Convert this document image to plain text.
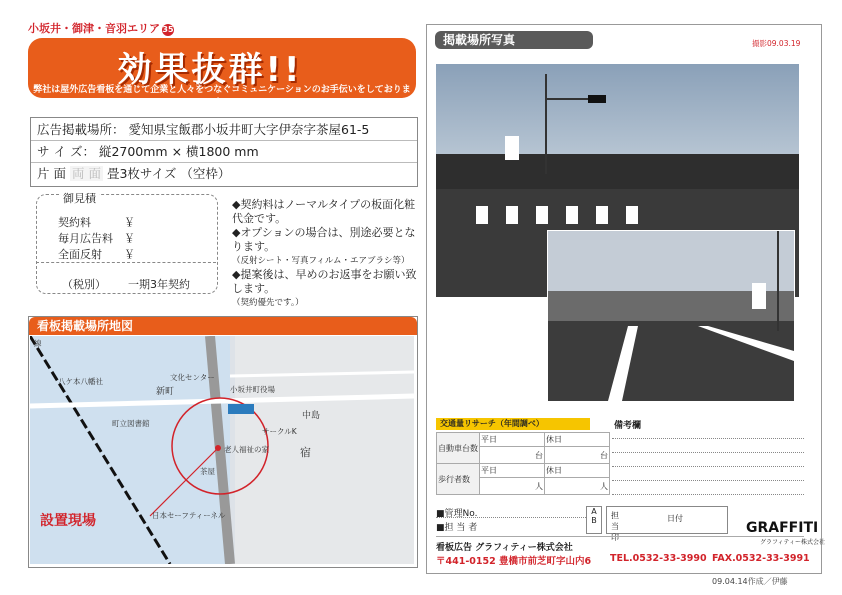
小坂井・御津・音羽エリア 35
効果抜群!!
弊社は屋外広告看板を通じて企業と人々をつなぐコミュニケーションのお手伝いをしております。
広告掲載場所： 愛知県宝飯郡小坂井町大字伊奈字茶屋61-5
サ イ ズ： 縦2700mm × 横1800 mm
片 面 両 面 畳3枚サイズ （空枠）
御見積
契約料	￥
毎月広告料 ￥
全面反射 ￥
（税別） 一期3年契約
◆契約料はノーマルタイプの板面化粧代金です。
◆オプションの場合は、別途必要となります。
（反射シート・写真フィルム・エアブラシ等）
◆提案後は、早めのお返事をお願い致します。
（契約優先です。）
看板掲載場所地図
線
八ケ本八幡社	文化センター
新町
町立図書館
中島
宿
小坂井町役場
サークルK
茶屋
日本セーフティーネル
老人福祉の家
設置現場
掲載場所写真	撮影09.03.19
交通量リサーチ（年間調べ）
自動車台数	平日	休日
	台	台
歩行者数	平日	休日
	人	人
備考欄
■管理No.
■担 当 者
A
B
担当印
日付
GRAFFITI
グラフィティー株式会社
看板広告 グラフィティー株式会社
〒441-0152 豊橋市前芝町字山内6 TEL.0532-33-3990 FAX.0532-33-3991
09.04.14作成／伊藤
